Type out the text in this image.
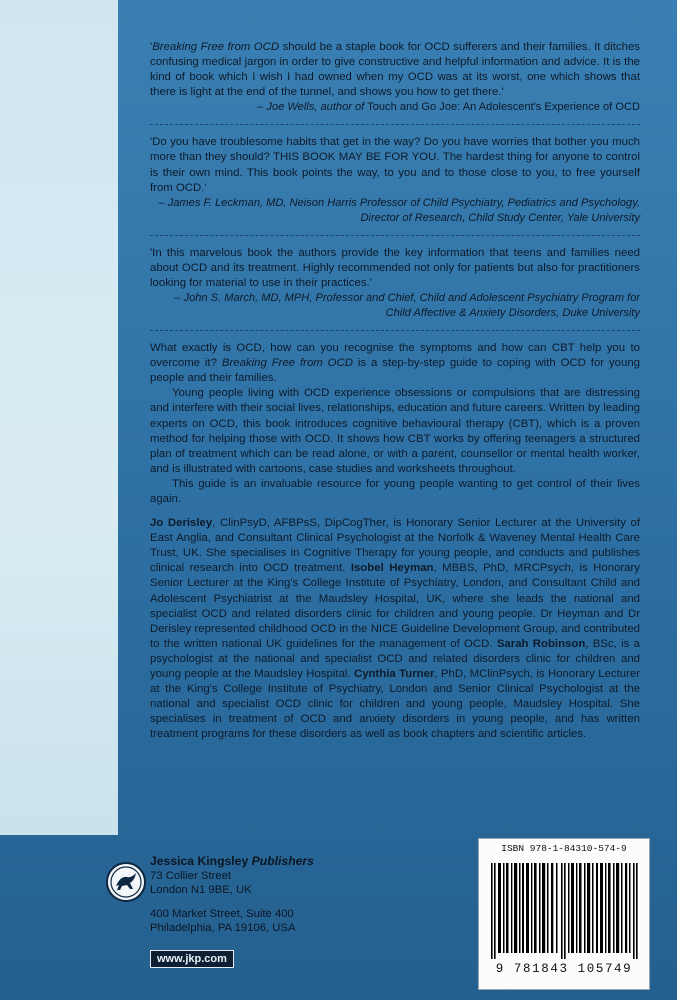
'Breaking Free from OCD should be a staple book for OCD sufferers and their families. It ditches confusing medical jargon in order to give constructive and helpful information and advice. It is the kind of book which I wish I had owned when my OCD was at its worst, one which shows that there is light at the end of the tunnel, and shows you how to get there.'

– Joe Wells, author of Touch and Go Joe: An Adolescent's Experience of OCD

'Do you have troublesome habits that get in the way? Do you have worries that bother you much more than they should? THIS BOOK MAY BE FOR YOU. The hardest thing for anyone to control is their own mind. This book points the way, to you and to those close to you, to free yourself from OCD.'

– James F. Leckman, MD, Neison Harris Professor of Child Psychiatry, Pediatrics and Psychology,

Director of Research, Child Study Center, Yale University

'In this marvelous book the authors provide the key information that teens and families need about OCD and its treatment. Highly recommended not only for patients but also for practitioners looking for material to use in their practices.'

– John S. March, MD, MPH, Professor and Chief, Child and Adolescent Psychiatry Program for

Child Affective & Anxiety Disorders, Duke University

What exactly is OCD, how can you recognise the symptoms and how can CBT help you to overcome it? Breaking Free from OCD is a step-by-step guide to coping with OCD for young people and their families.

Young people living with OCD experience obsessions or compulsions that are distressing and interfere with their social lives, relationships, education and future careers. Written by leading experts on OCD, this book introduces cognitive behavioural therapy (CBT), which is a proven method for helping those with OCD. It shows how CBT works by offering teenagers a structured plan of treatment which can be read alone, or with a parent, counsellor or mental health worker, and is illustrated with cartoons, case studies and worksheets throughout.

This guide is an invaluable resource for young people wanting to get control of their lives again.

Jo Derisley, ClinPsyD, AFBPsS, DipCogTher, is Honorary Senior Lecturer at the University of East Anglia, and Consultant Clinical Psychologist at the Norfolk & Waveney Mental Health Care Trust, UK. She specialises in Cognitive Therapy for young people, and conducts and publishes clinical research into OCD treatment. Isobel Heyman, MBBS, PhD, MRCPsych, is Honorary Senior Lecturer at the King's College Institute of Psychiatry, London, and Consultant Child and Adolescent Psychiatrist at the Maudsley Hospital, UK, where she leads the national and specialist OCD and related disorders clinic for children and young people. Dr Heyman and Dr Derisley represented childhood OCD in the NICE Guideline Development Group, and contributed to the written national UK guidelines for the management of OCD. Sarah Robinson, BSc, is a psychologist at the national and specialist OCD and related disorders clinic for children and young people at the Maudsley Hospital. Cynthia Turner, PhD, MClinPsych, is Honorary Lecturer at the King's College Institute of Psychiatry, London and Senior Clinical Psychologist at the national and specialist OCD clinic for children and young people, Maudsley Hospital. She specialises in treatment of OCD and anxiety disorders in young people, and has written treatment programs for these disorders as well as book chapters and scientific articles.

Jessica Kingsley Publishers
73 Collier Street
London N1 9BE, UK
400 Market Street, Suite 400
Philadelphia, PA 19106, USA
www.jkp.com
ISBN 978-1-84310-574-9
9 781843 105749
